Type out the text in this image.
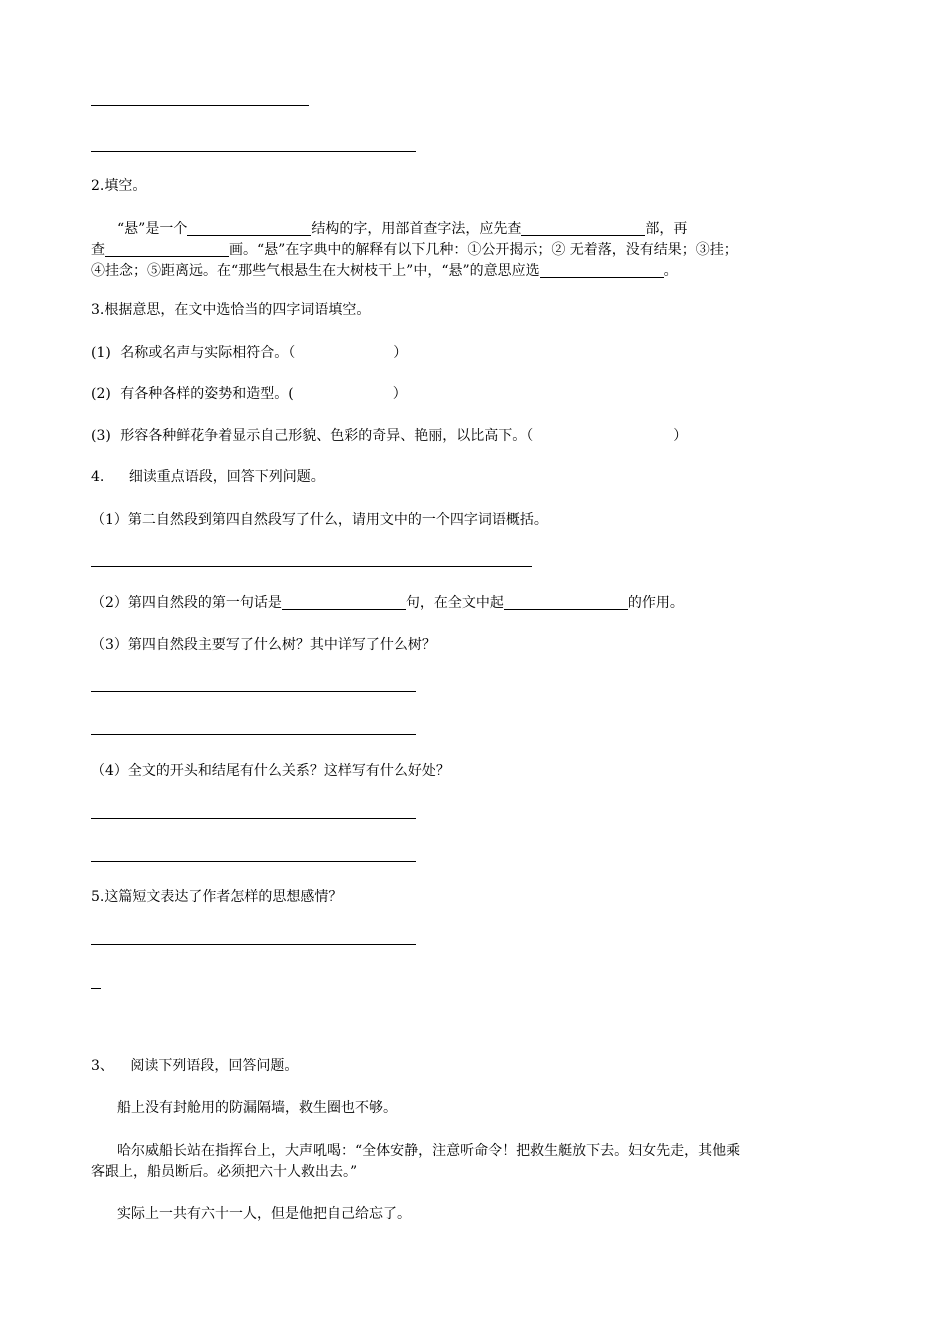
2.填空。
“悬”是一个	结构的字，用部首查字法，应先查	部，再
查	画。“悬”在字典中的解释有以下几种：①公开揭示；② 无着落，没有结果；③挂；
④挂念；⑤距离远。在“那些气根悬生在大树枝干上”中，“悬”的意思应选	。
3.根据意思，在文中选恰当的四字词语填空。
(1) 名称或名声与实际相符合。（	）
(2) 有各种各样的姿势和造型。(	）
(3) 形容各种鲜花争着显示自己形貌、色彩的奇异、艳丽，以比高下。（	）
4. 细读重点语段，回答下列问题。
（1）第二自然段到第四自然段写了什么，请用文中的一个四字词语概括。
（2）第四自然段的第一句话是	句，在全文中起	的作用。
（3）第四自然段主要写了什么树？其中详写了什么树？
（4）全文的开头和结尾有什么关系？这样写有什么好处？
5.这篇短文表达了作者怎样的思想感情？
3、 阅读下列语段，回答问题。
船上没有封舱用的防漏隔墙，救生圈也不够。
哈尔威船长站在指挥台上，大声吼喝：“全体安静，注意听命令！把救生艇放下去。妇女先走，其他乘
客跟上，船员断后。必须把六十人救出去。”
实际上一共有六十一人，但是他把自己给忘了。
